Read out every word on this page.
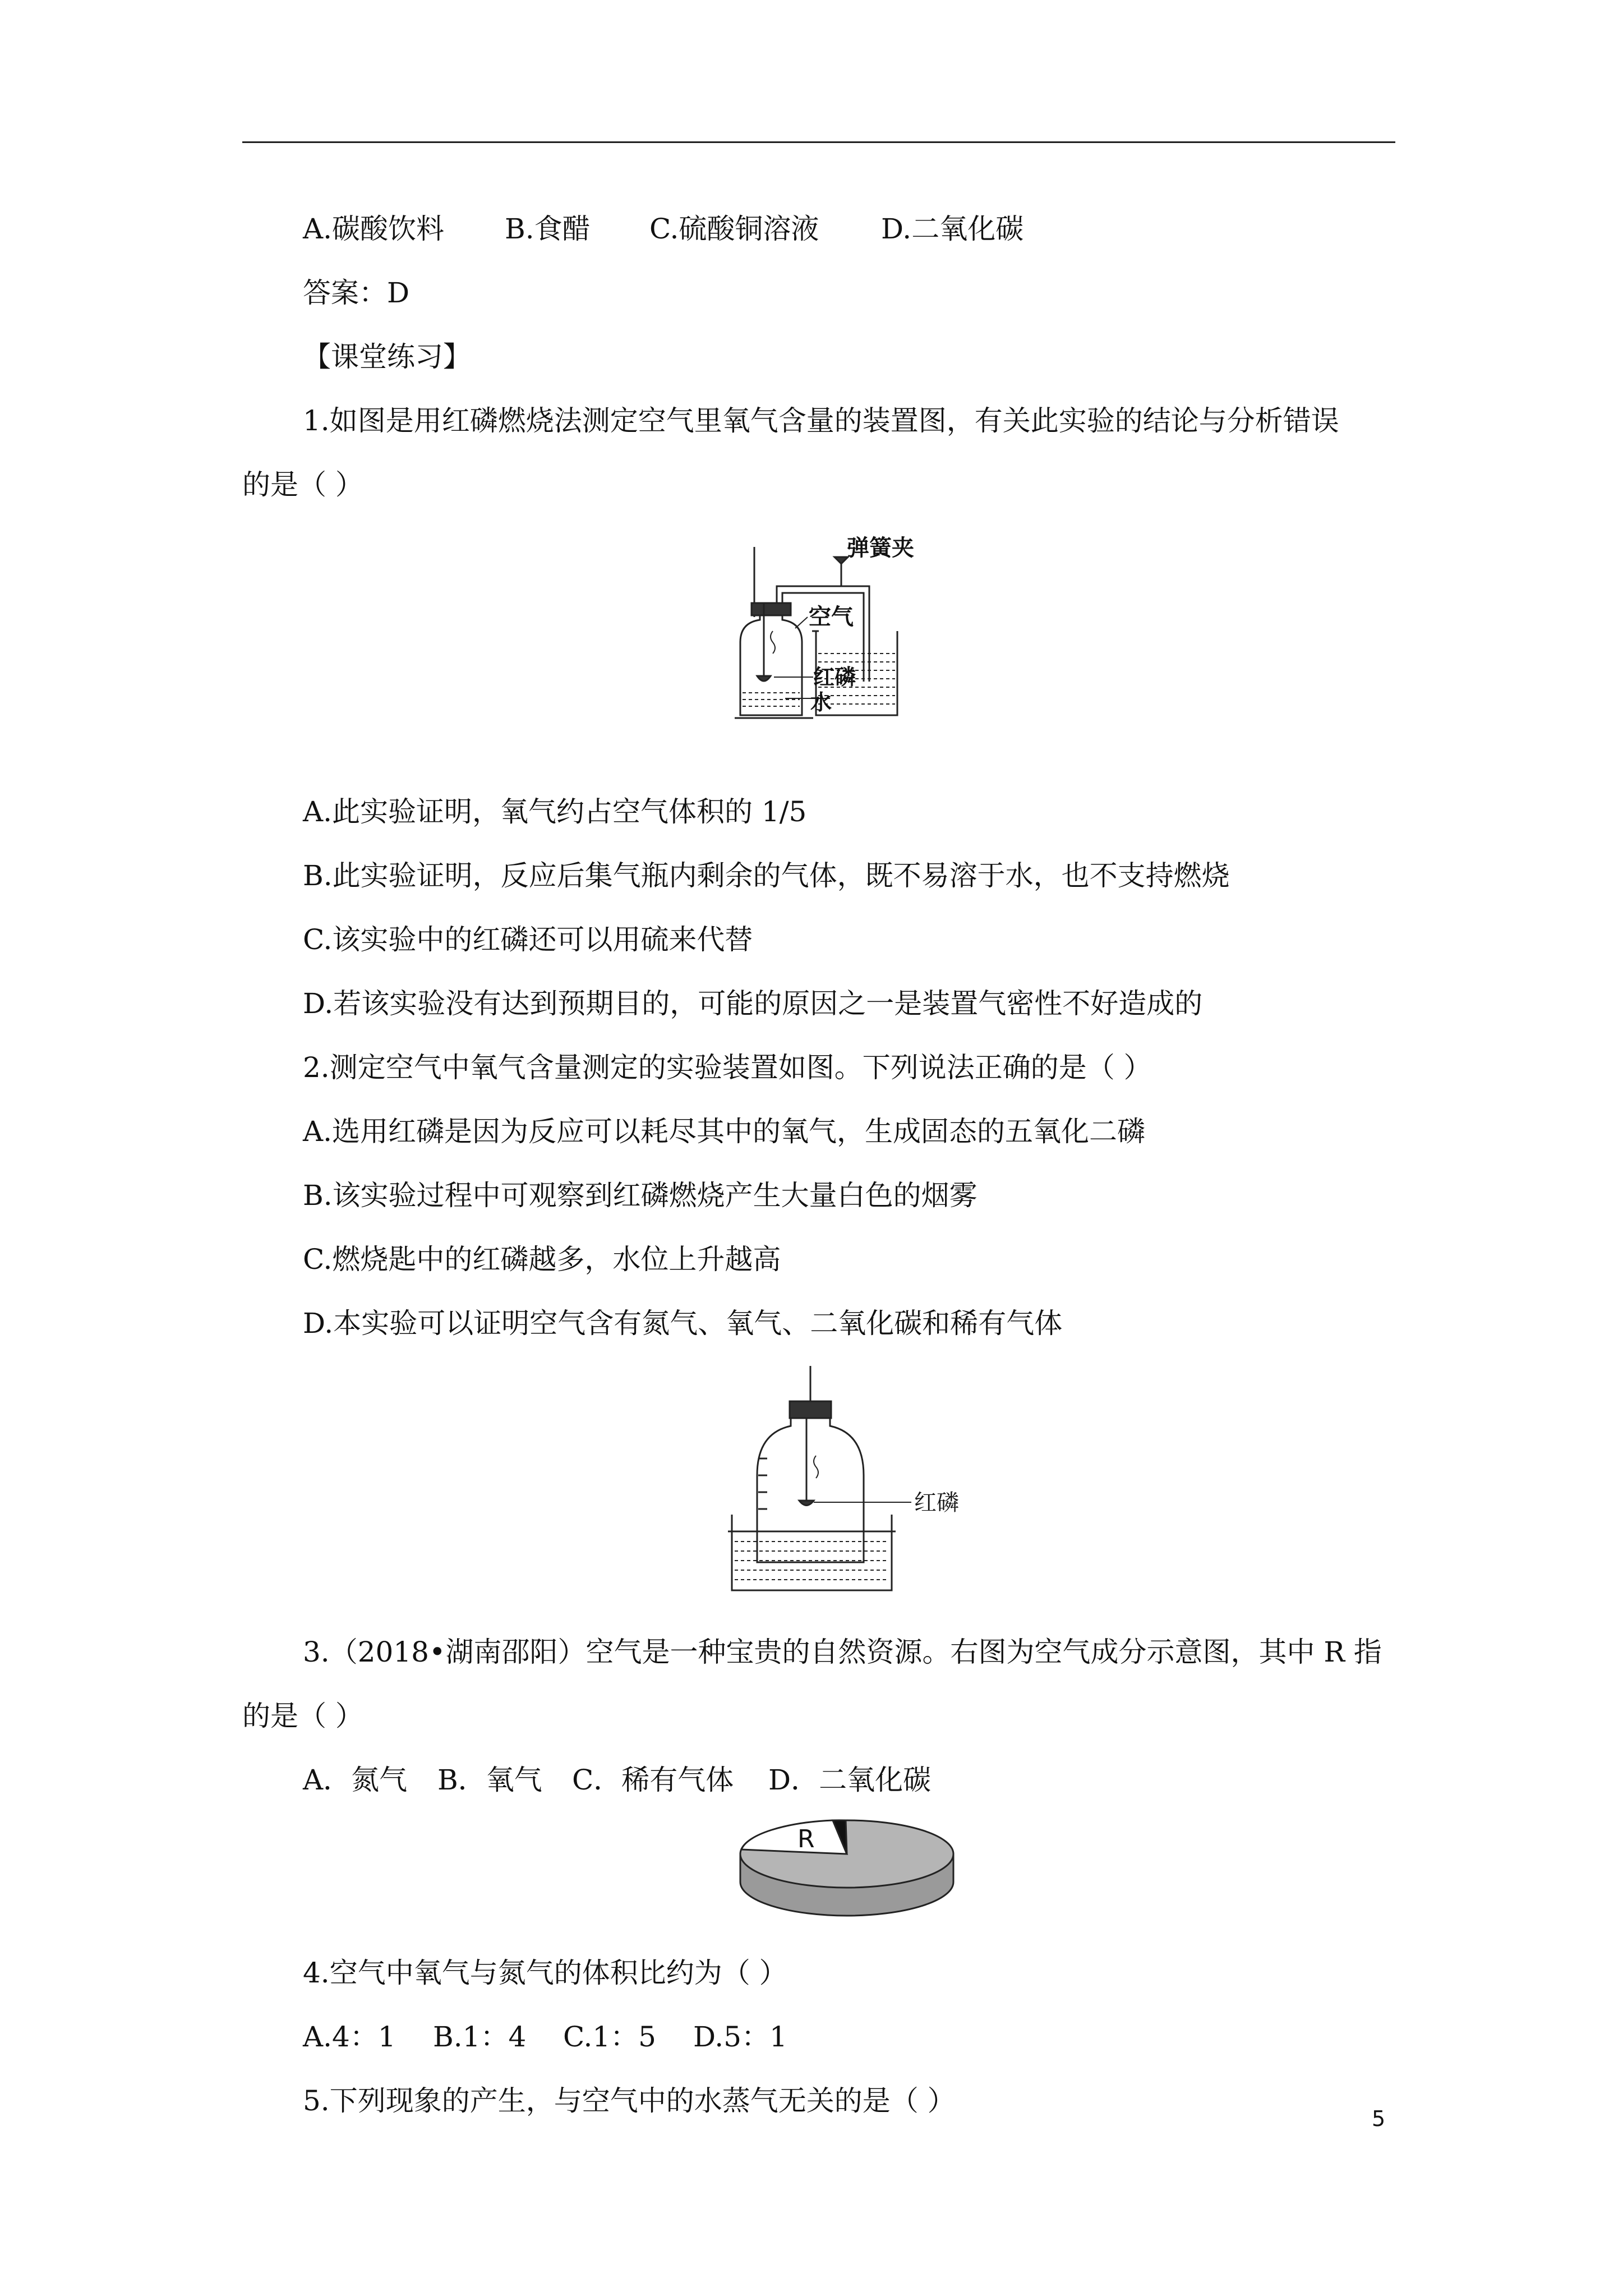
A.碳酸饮料 B.食醋 C.硫酸铜溶液 D.二氧化碳
答案：D
【课堂练习】
1.如图是用红磷燃烧法测定空气里氧气含量的装置图，有关此实验的结论与分析错误
的是（ ）
弹簧夹
空气
红磷
水
A.此实验证明，氧气约占空气体积的 1/5
B.此实验证明，反应后集气瓶内剩余的气体，既不易溶于水，也不支持燃烧
C.该实验中的红磷还可以用硫来代替
D.若该实验没有达到预期目的，可能的原因之一是装置气密性不好造成的
2.测定空气中氧气含量测定的实验装置如图。下列说法正确的是（ ）
A.选用红磷是因为反应可以耗尽其中的氧气，生成固态的五氧化二磷
B.该实验过程中可观察到红磷燃烧产生大量白色的烟雾
C.燃烧匙中的红磷越多，水位上升越高
D.本实验可以证明空气含有氮气、氧气、二氧化碳和稀有气体
红磷
3.（2018•湖南邵阳）空气是一种宝贵的自然资源。右图为空气成分示意图，其中 R 指
的是（ ）
A．氮气 B．氧气 C．稀有气体 D．二氧化碳
R
4.空气中氧气与氮气的体积比约为（ ）
A.4：1 B.1：4 C.1：5 D.5：1
5.下列现象的产生，与空气中的水蒸气无关的是（ ）
5
